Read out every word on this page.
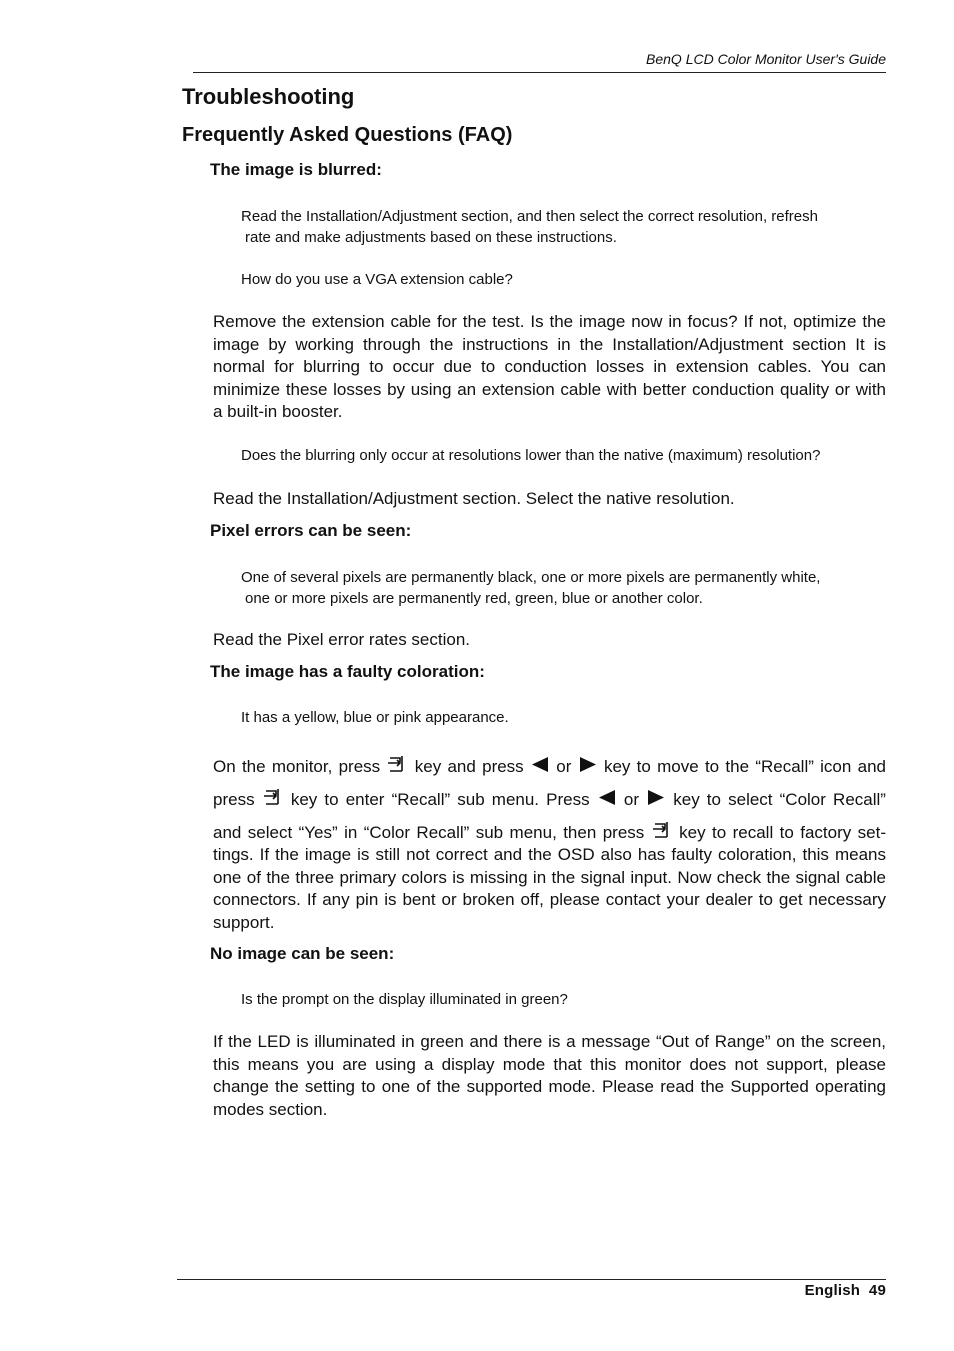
BenQ LCD Color Monitor User's Guide
Troubleshooting
Frequently Asked Questions (FAQ)
The image is blurred:
Read the Installation/Adjustment section, and then select the correct resolution, refresh
rate and make adjustments based on these instructions.
How do you use a VGA extension cable?
Remove the extension cable for the test. Is the image now in focus? If not, optimize the image by working through the instructions in the Installation/Adjustment section It is normal for blurring to occur due to conduction losses in extension cables. You can minimize these losses by using an extension cable with better conduction quality or with a built-in booster.
Does the blurring only occur at resolutions lower than the native (maximum) resolution?
Read the Installation/Adjustment section. Select the native resolution.
Pixel errors can be seen:
One of several pixels are permanently black, one or more pixels are permanently white,
one or more pixels are permanently red, green, blue or another color.
Read the Pixel error rates section.
The image has a faulty coloration:
It has a yellow, blue or pink appearance.
On the monitor, press key and press or key to move to the “Recall” icon and
press key to enter “Recall” sub menu. Press or key to select “Color Recall”
and select “Yes” in “Color Recall” sub menu, then press key to recall to factory set-
tings. If the image is still not correct and the OSD also has faulty coloration, this means one of the three primary colors is missing in the signal input. Now check the signal cable connectors. If any pin is bent or broken off, please contact your dealer to get necessary support.
No image can be seen:
Is the prompt on the display illuminated in green?
If the LED is illuminated in green and there is a message “Out of Range” on the screen, this means you are using a display mode that this monitor does not support, please change the setting to one of the supported mode. Please read the Supported operating modes section.
English 49
